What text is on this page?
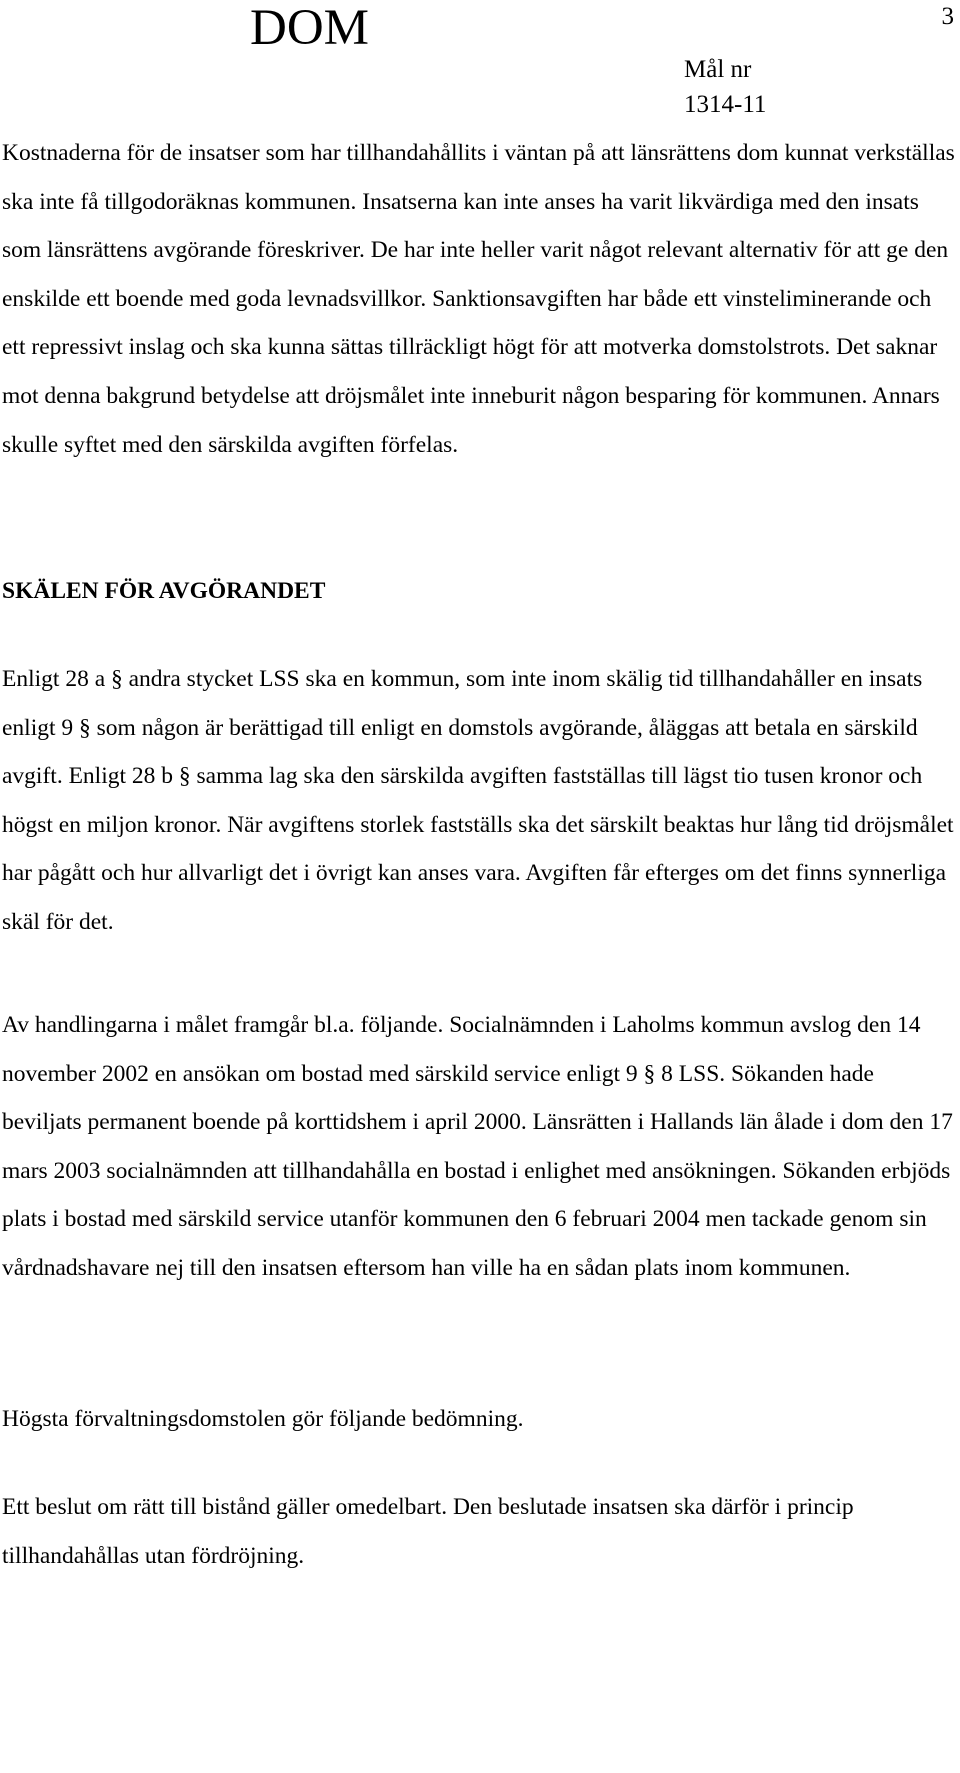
DOM	3
Mål nr
1314-11

Kostnaderna för de insatser som har tillhandahållits i väntan på att länsrättens dom kunnat verkställas ska inte få tillgodoräknas kommunen. Insatserna kan inte anses ha varit likvärdiga med den insats som länsrättens avgörande föreskriver. De har inte heller varit något relevant alternativ för att ge den enskilde ett boende med goda levnadsvillkor. Sanktionsavgiften har både ett vinsteliminerande och ett repressivt inslag och ska kunna sättas tillräckligt högt för att motverka domstolstrots. Det saknar mot denna bakgrund betydelse att dröjsmålet inte inneburit någon besparing för kommunen. Annars skulle syftet med den särskilda avgiften förfelas.

SKÄLEN FÖR AVGÖRANDET

Enligt 28 a § andra stycket LSS ska en kommun, som inte inom skälig tid tillhandahåller en insats enligt 9 § som någon är berättigad till enligt en domstols avgörande, åläggas att betala en särskild avgift. Enligt 28 b § samma lag ska den särskilda avgiften fastställas till lägst tio tusen kronor och högst en miljon kronor. När avgiftens storlek fastställs ska det särskilt beaktas hur lång tid dröjsmålet har pågått och hur allvarligt det i övrigt kan anses vara. Avgiften får efterges om det finns synnerliga skäl för det.

Av handlingarna i målet framgår bl.a. följande. Socialnämnden i Laholms kommun avslog den 14 november 2002 en ansökan om bostad med särskild service enligt 9 § 8 LSS. Sökanden hade beviljats permanent boende på korttidshem i april 2000. Länsrätten i Hallands län ålade i dom den 17 mars 2003 socialnämnden att tillhandahålla en bostad i enlighet med ansökningen. Sökanden erbjöds plats i bostad med särskild service utanför kommunen den 6 februari 2004 men tackade genom sin vårdnadshavare nej till den insatsen eftersom han ville ha en sådan plats inom kommunen.

Högsta förvaltningsdomstolen gör följande bedömning.

Ett beslut om rätt till bistånd gäller omedelbart. Den beslutade insatsen ska därför i princip tillhandahållas utan fördröjning.
